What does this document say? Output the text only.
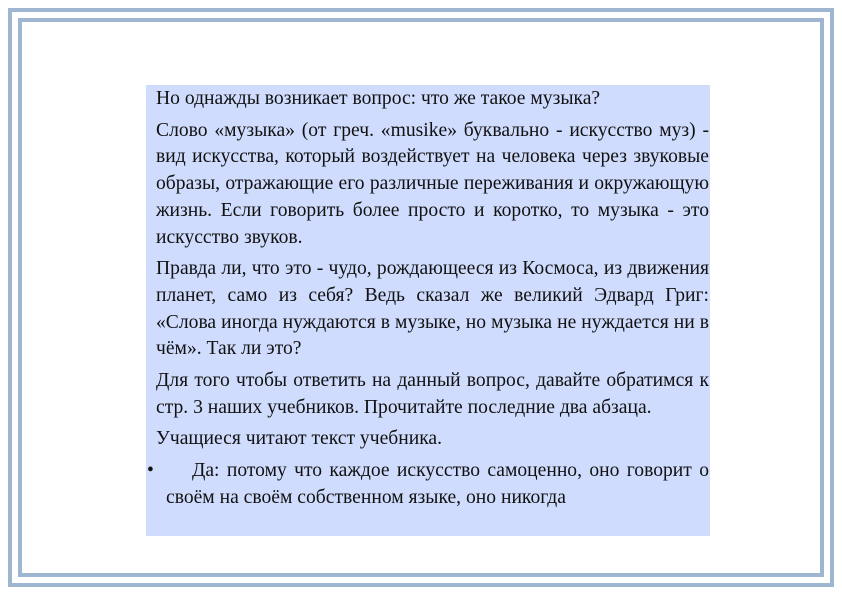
Но однажды возникает вопрос: что же такое музыка?

Слово «музыка» (от греч. «musike» буквально - искусство муз) - вид искусства, который воздействует на человека через звуковые образы, отражающие его различные переживания и окружающую жизнь. Если говорить более просто и коротко, то музыка - это искусство звуков.

Правда ли, что это - чудо, рождающееся из Космоса, из движения планет, само из себя? Ведь сказал же великий Эдвард Григ: «Слова иногда нуждаются в музыке, но музыка не нуждается ни в чём». Так ли это?

Для того чтобы ответить на данный вопрос, давайте обратимся к стр. 3 наших учебников. Прочитайте последние два абзаца.

Учащиеся читают текст учебника.

•	Да: потому что каждое искусство самоценно, оно говорит о своём на своём собственном языке, оно никогда
